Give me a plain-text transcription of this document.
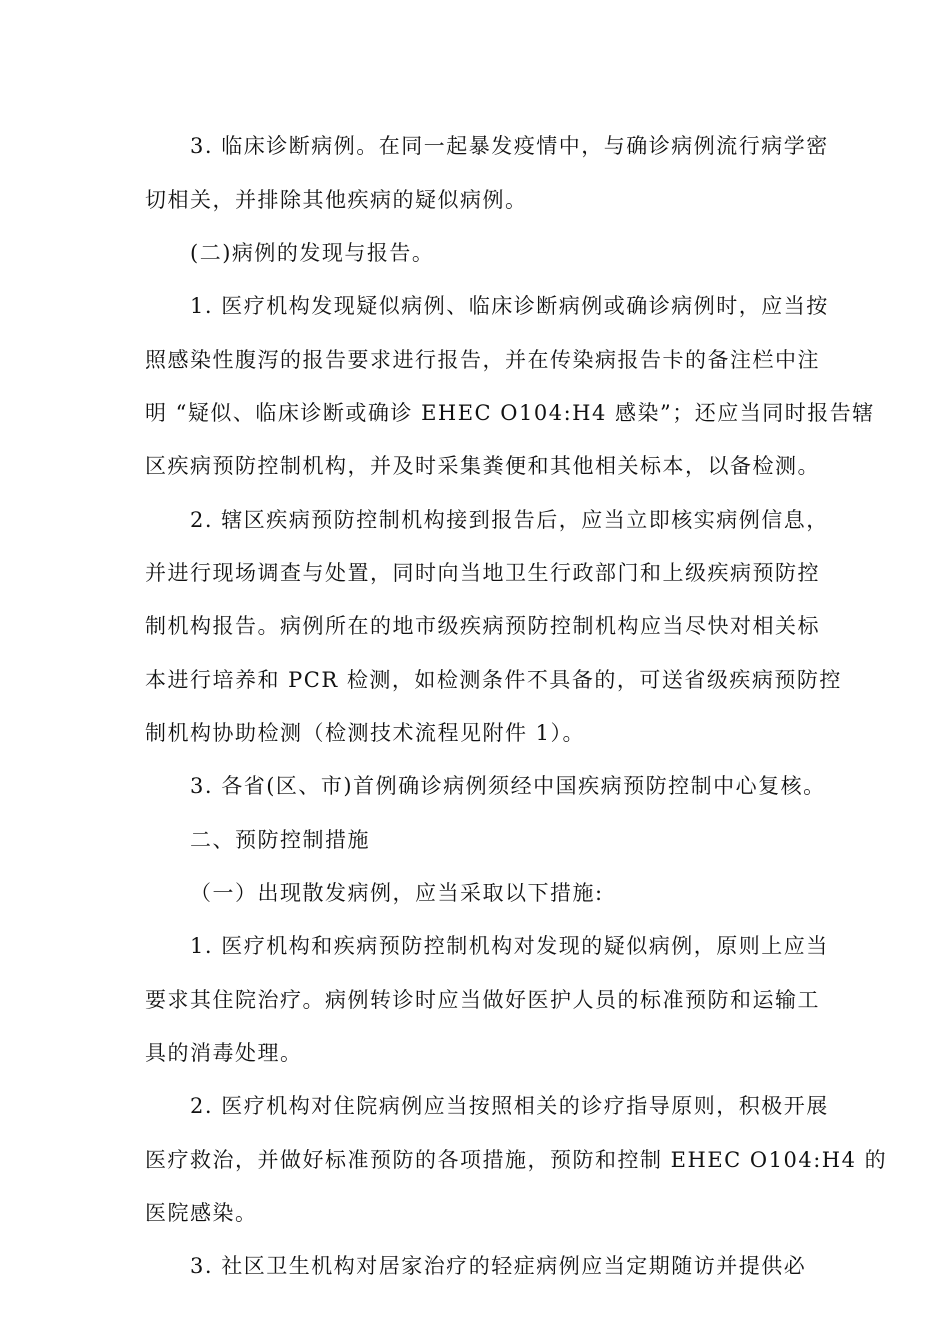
3. 临床诊断病例。在同一起暴发疫情中，与确诊病例流行病学密
切相关，并排除其他疾病的疑似病例。
(二)病例的发现与报告。
1. 医疗机构发现疑似病例、临床诊断病例或确诊病例时，应当按
照感染性腹泻的报告要求进行报告，并在传染病报告卡的备注栏中注
明 “疑似、临床诊断或确诊 EHEC O104:H4 感染”；还应当同时报告辖
区疾病预防控制机构，并及时采集粪便和其他相关标本，以备检测。
2. 辖区疾病预防控制机构接到报告后，应当立即核实病例信息，
并进行现场调查与处置，同时向当地卫生行政部门和上级疾病预防控
制机构报告。病例所在的地市级疾病预防控制机构应当尽快对相关标
本进行培养和 PCR 检测，如检测条件不具备的，可送省级疾病预防控
制机构协助检测（检测技术流程见附件 1）。
3. 各省(区、市)首例确诊病例须经中国疾病预防控制中心复核。
二、预防控制措施
（一）出现散发病例，应当采取以下措施:
1. 医疗机构和疾病预防控制机构对发现的疑似病例，原则上应当
要求其住院治疗。病例转诊时应当做好医护人员的标准预防和运输工
具的消毒处理。
2. 医疗机构对住院病例应当按照相关的诊疗指导原则，积极开展
医疗救治，并做好标准预防的各项措施，预防和控制 EHEC O104:H4 的
医院感染。
3. 社区卫生机构对居家治疗的轻症病例应当定期随访并提供必
